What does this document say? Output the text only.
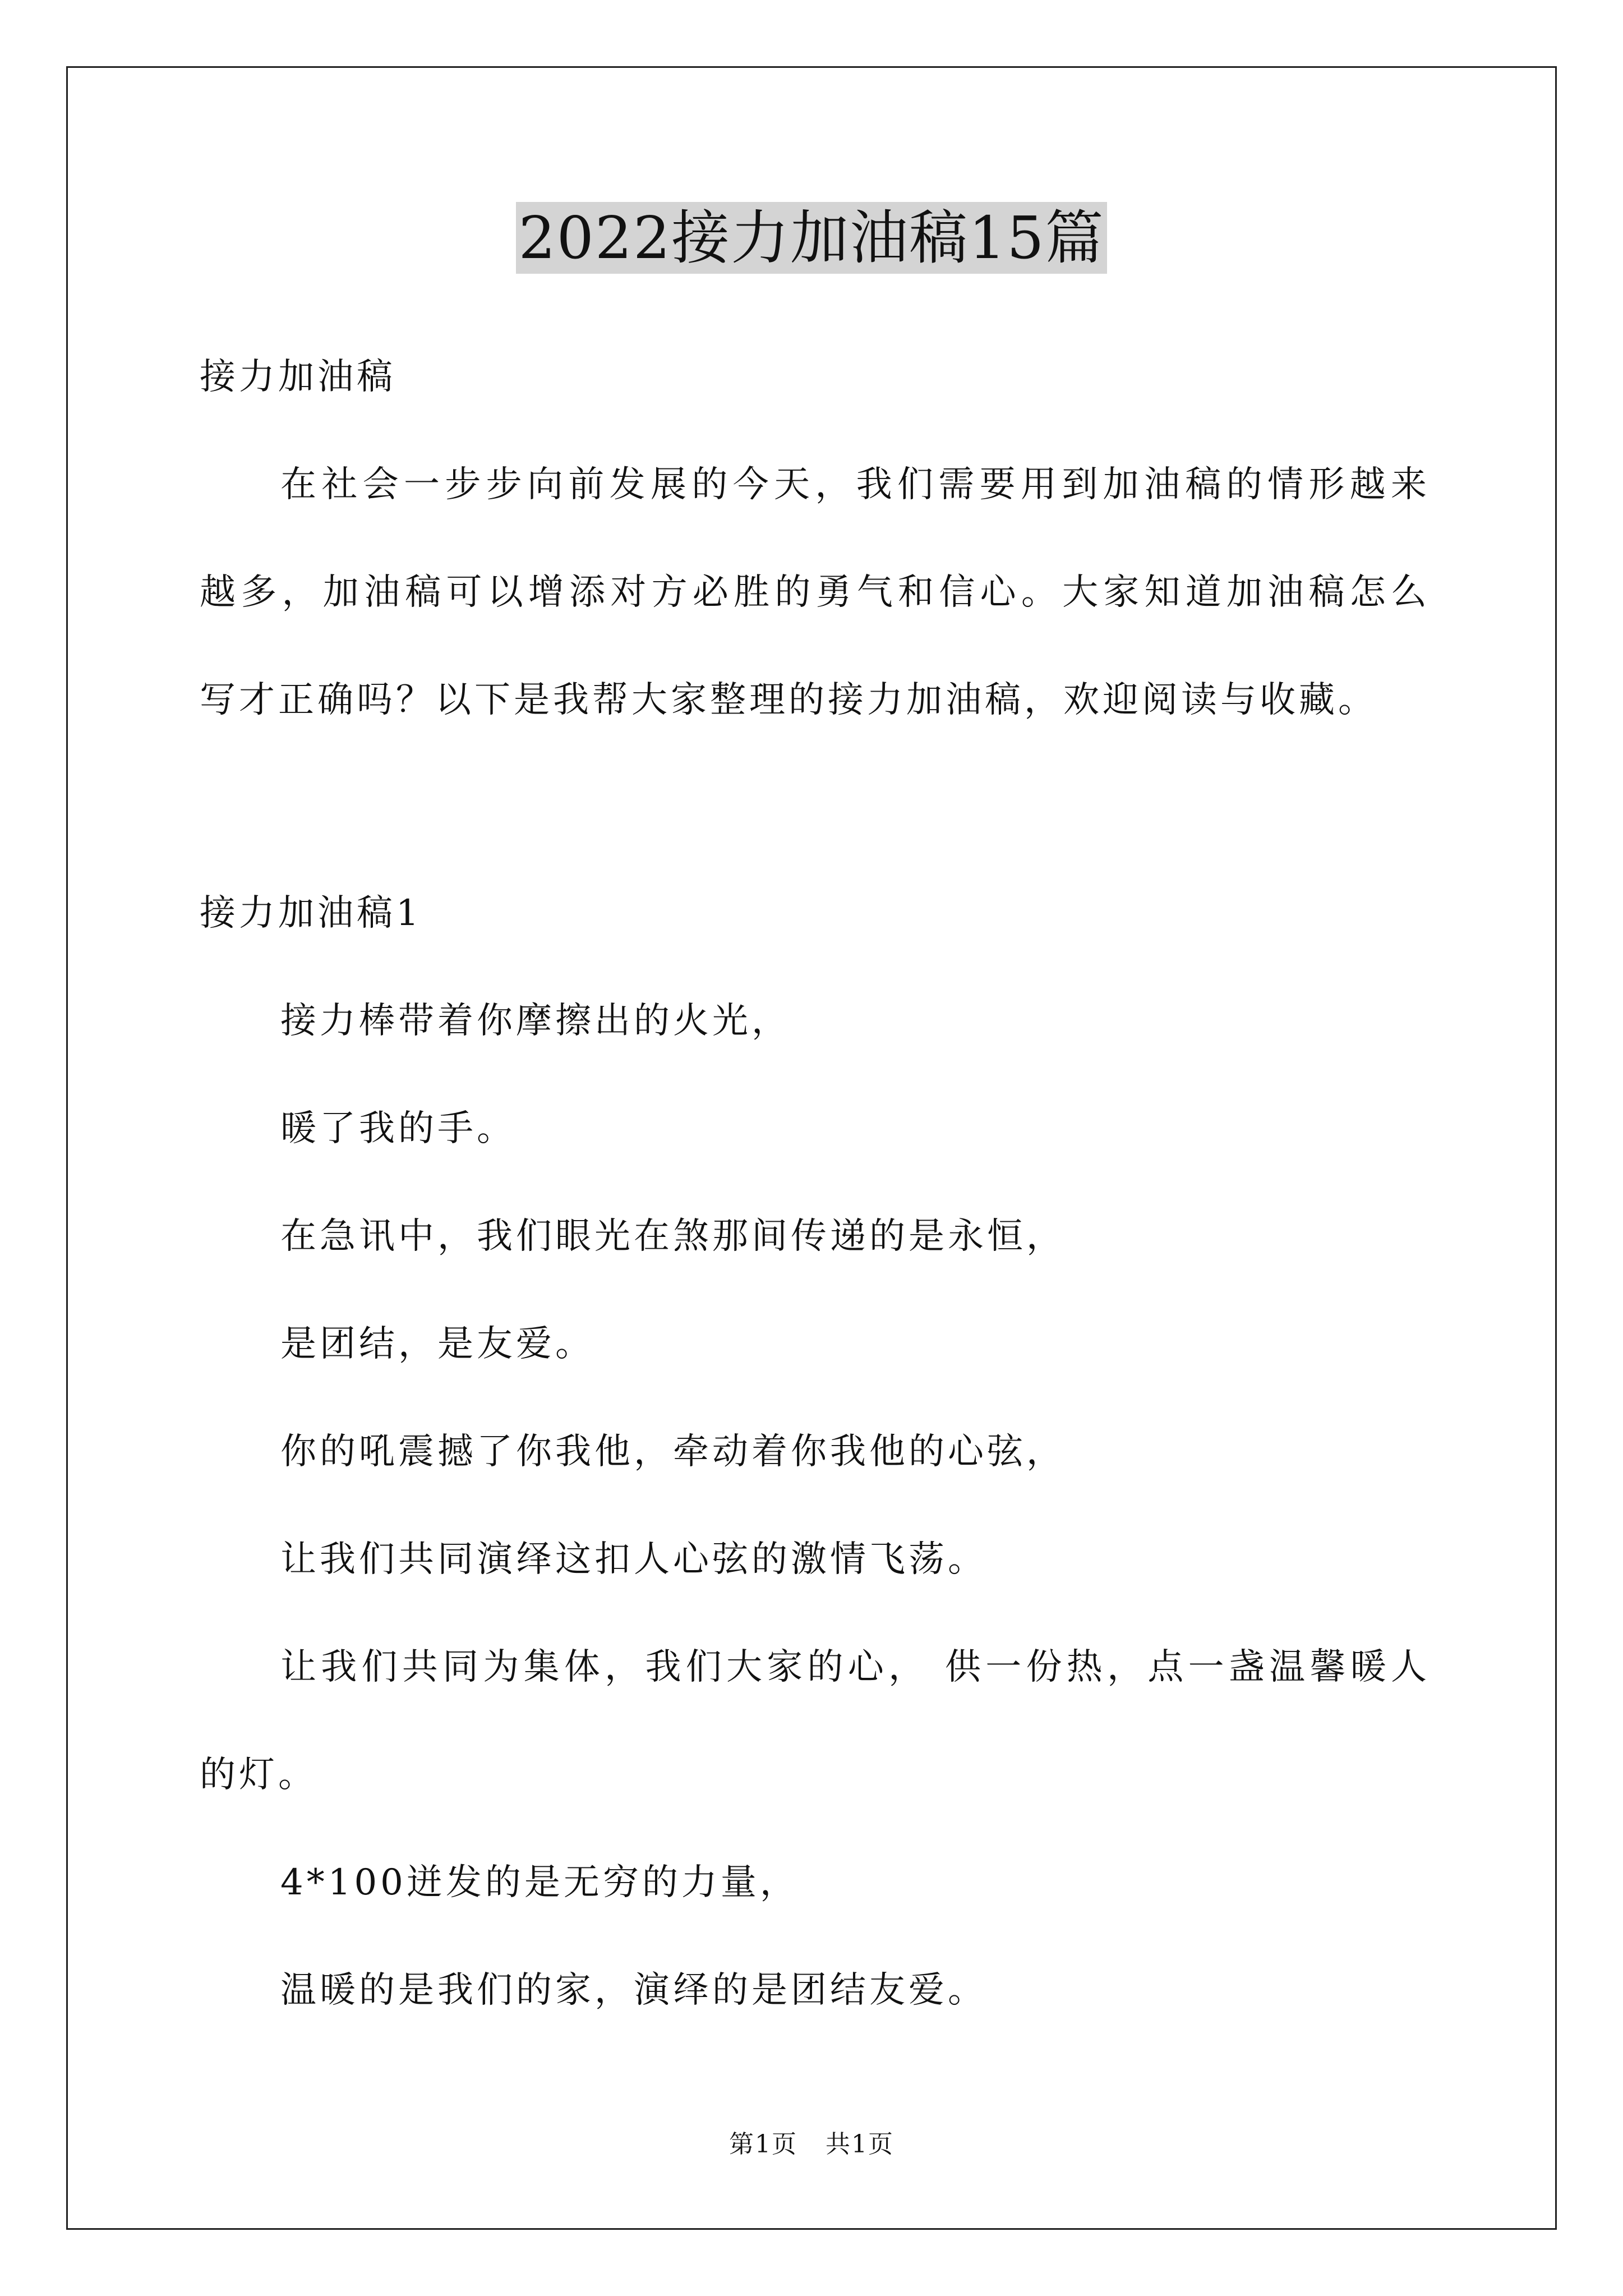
2022接力加油稿15篇
接力加油稿
在社会一步步向前发展的今天，我们需要用到加油稿的情形越来
越多，加油稿可以增添对方必胜的勇气和信心。大家知道加油稿怎么
写才正确吗？以下是我帮大家整理的接力加油稿，欢迎阅读与收藏。
接力加油稿1
接力棒带着你摩擦出的火光，
暖了我的手。
在急讯中，我们眼光在煞那间传递的是永恒，
是团结，是友爱。
你的吼震撼了你我他，牵动着你我他的心弦，
让我们共同演绎这扣人心弦的激情飞荡。
让我们共同为集体，我们大家的心， 供一份热，点一盏温馨暖人
的灯。
4*100迸发的是无穷的力量，
温暖的是我们的家，演绎的是团结友爱。
第1页 共1页
